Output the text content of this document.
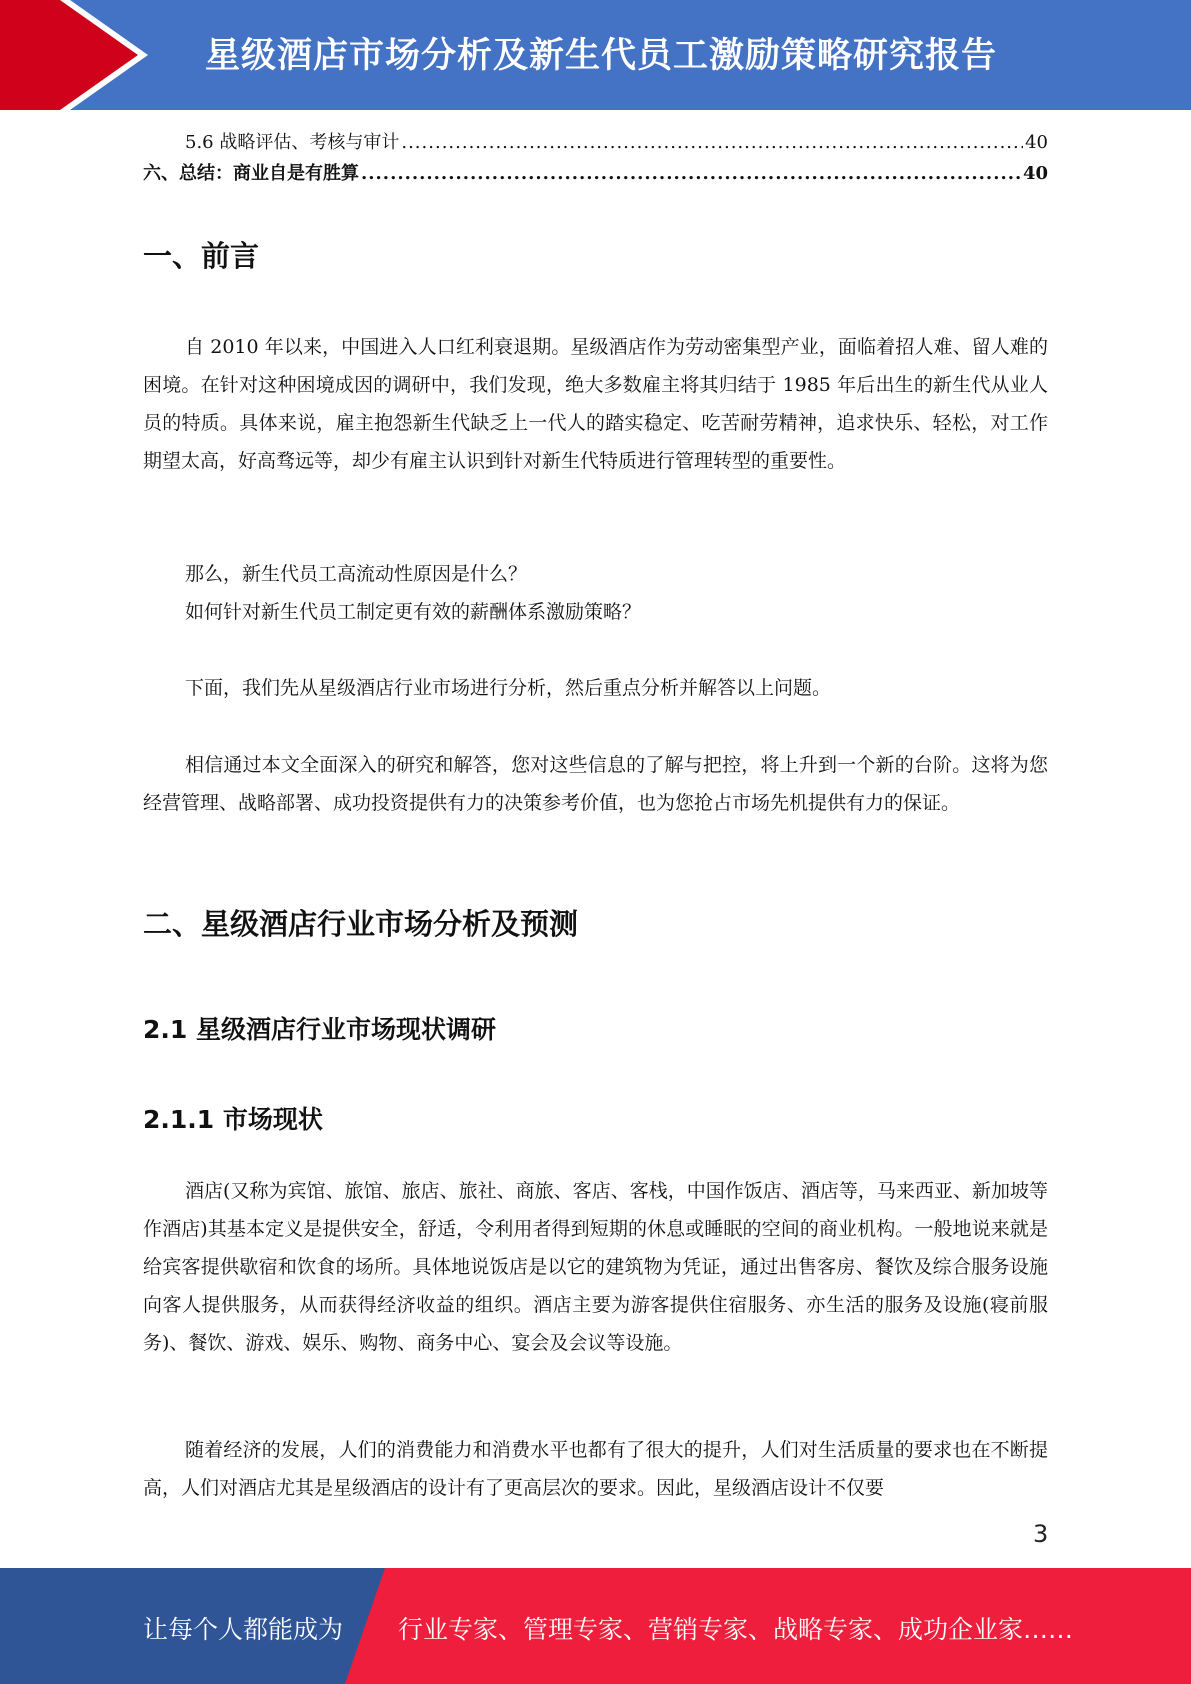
星级酒店市场分析及新生代员工激励策略研究报告
5.6 战略评估、考核与审计 .....	40
六、总结：商业自是有胜算 .....	40
一、前言

自 2010 年以来，中国进入人口红利衰退期。星级酒店作为劳动密集型产业，面临着招人难、留人难的困境。在针对这种困境成因的调研中，我们发现，绝大多数雇主将其归结于 1985 年后出生的新生代从业人员的特质。具体来说，雇主抱怨新生代缺乏上一代人的踏实稳定、吃苦耐劳精神，追求快乐、轻松，对工作期望太高，好高骛远等，却少有雇主认识到针对新生代特质进行管理转型的重要性。

那么，新生代员工高流动性原因是什么？
如何针对新生代员工制定更有效的薪酬体系激励策略？

下面，我们先从星级酒店行业市场进行分析，然后重点分析并解答以上问题。

相信通过本文全面深入的研究和解答，您对这些信息的了解与把控，将上升到一个新的台阶。这将为您经营管理、战略部署、成功投资提供有力的决策参考价值，也为您抢占市场先机提供有力的保证。

二、星级酒店行业市场分析及预测
2.1 星级酒店行业市场现状调研
2.1.1 市场现状

酒店(又称为宾馆、旅馆、旅店、旅社、商旅、客店、客栈，中国作饭店、酒店等，马来西亚、新加坡等作酒店)其基本定义是提供安全，舒适，令利用者得到短期的休息或睡眠的空间的商业机构。一般地说来就是给宾客提供歇宿和饮食的场所。具体地说饭店是以它的建筑物为凭证，通过出售客房、餐饮及综合服务设施向客人提供服务，从而获得经济收益的组织。酒店主要为游客提供住宿服务、亦生活的服务及设施(寝前服务)、餐饮、游戏、娱乐、购物、商务中心、宴会及会议等设施。

随着经济的发展，人们的消费能力和消费水平也都有了很大的提升，人们对生活质量的要求也在不断提高，人们对酒店尤其是星级酒店的设计有了更高层次的要求。因此，星级酒店设计不仅要

3
让每个人都能成为 行业专家、管理专家、营销专家、战略专家、成功企业家……
